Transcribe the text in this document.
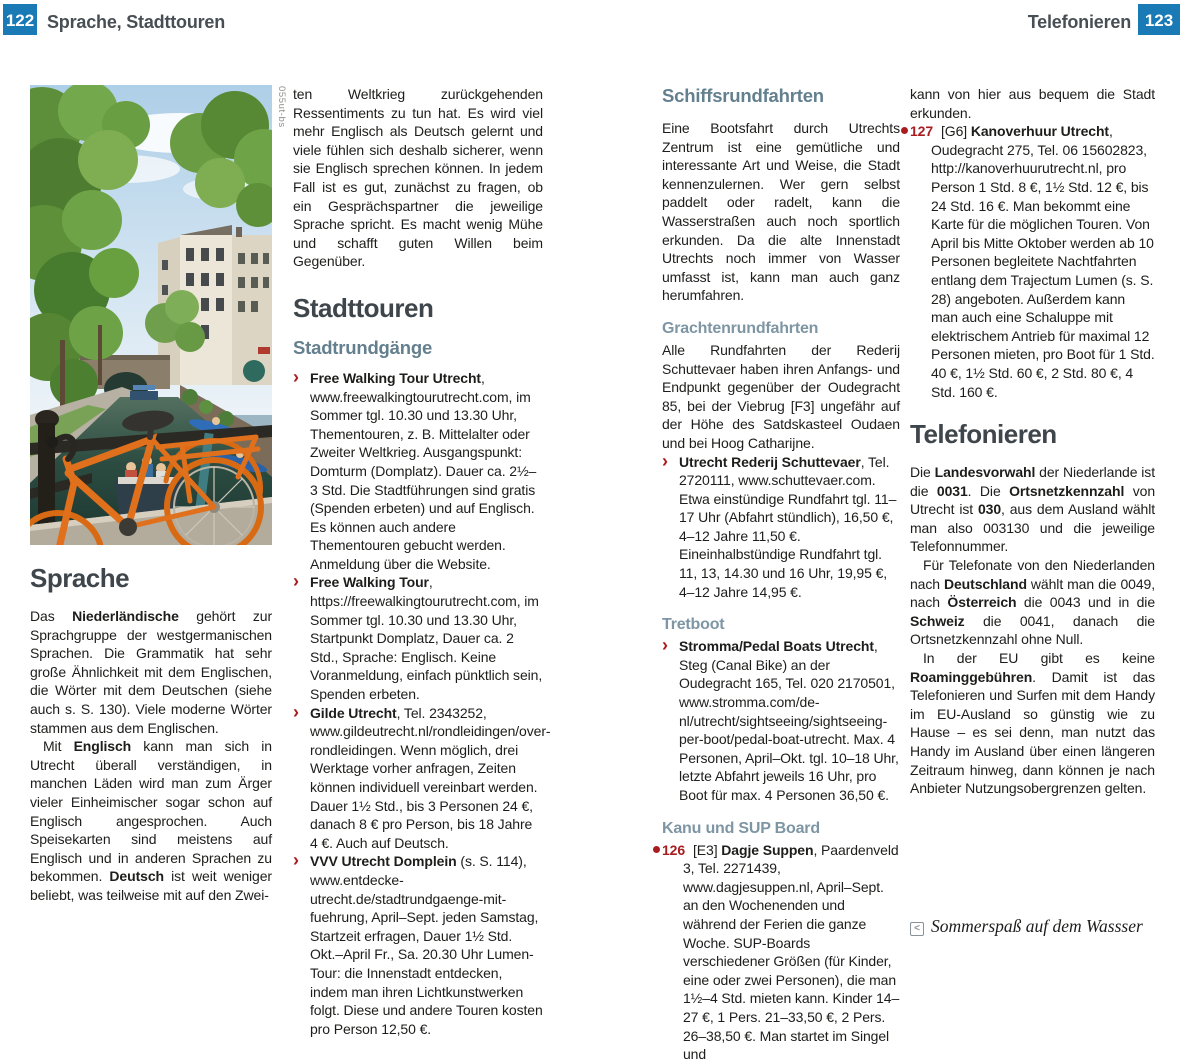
122 Sprache, Stadttouren	Telefonieren 123
Sprache

Das Niederländische gehört zur Sprachgruppe der westgermanischen Sprachen. Die Grammatik hat sehr große Ähnlichkeit mit dem Englischen, die Wörter mit dem Deutschen (siehe auch s. S. 130). Viele moderne Wörter stammen aus dem Englischen.

Mit Englisch kann man sich in Utrecht überall verständigen, in manchen Läden wird man zum Ärger vieler Einheimischer sogar schon auf Englisch angesprochen. Auch Speisekarten sind meistens auf Englisch und in anderen Sprachen zu bekommen. Deutsch ist weit weniger beliebt, was teilweise mit auf den Zwei-

055ut-bs ten Weltkrieg zurückgehenden Ressentiments zu tun hat. Es wird viel mehr Englisch als Deutsch gelernt und viele fühlen sich deshalb sicherer, wenn sie Englisch sprechen können. In jedem Fall ist es gut, zunächst zu fragen, ob ein Gesprächspartner die jeweilige Sprache spricht. Es macht wenig Mühe und schafft guten Willen beim Gegenüber.

Stadttouren
Stadtrundgänge
› Free Walking Tour Utrecht, www.freewalkingtourutrecht.com, im Sommer tgl. 10.30 und 13.30 Uhr, Thementouren, z. B. Mittelalter oder Zweiter Weltkrieg. Ausgangspunkt: Domturm (Domplatz). Dauer ca. 2½–3 Std. Die Stadtführungen sind gratis (Spenden erbeten) und auf Englisch. Es können auch andere Thementouren gebucht werden. Anmeldung über die Website.
› Free Walking Tour, https://freewalkingtourutrecht.com, im Sommer tgl. 10.30 und 13.30 Uhr, Startpunkt Domplatz, Dauer ca. 2 Std., Sprache: Englisch. Keine Voranmeldung, einfach pünktlich sein, Spenden erbeten.
› Gilde Utrecht, Tel. 2343252, www.gildeutrecht.nl/rondleidingen/over-rondleidingen. Wenn möglich, drei Werktage vorher anfragen, Zeiten können individuell vereinbart werden. Dauer 1½ Std., bis 3 Personen 24 €, danach 8 € pro Person, bis 18 Jahre 4 €. Auch auf Deutsch.
› VVV Utrecht Domplein (s. S. 114), www.entdecke-utrecht.de/stadtrundgaenge-mit-fuehrung, April–Sept. jeden Samstag, Startzeit erfragen, Dauer 1½ Std. Okt.–April Fr., Sa. 20.30 Uhr Lumen-Tour: die Innenstadt entdecken, indem man ihren Lichtkunstwerken folgt. Diese und andere Touren kosten pro Person 12,50 €.
Schiffsrundfahrten

Eine Bootsfahrt durch Utrechts Zentrum ist eine gemütliche und interessante Art und Weise, die Stadt kennenzulernen. Wer gern selbst paddelt oder radelt, kann die Wasserstraßen auch noch sportlich erkunden. Da die alte Innenstadt Utrechts noch immer von Wasser umfasst ist, kann man auch ganz herumfahren.

Grachtenrundfahrten

Alle Rundfahrten der Rederij Schuttevaer haben ihren Anfangs- und Endpunkt gegenüber der Oudegracht 85, bei der Viebrug [F3] ungefähr auf der Höhe des Satdskasteel Oudaen und bei Hoog Catharijne.

› Utrecht Rederij Schuttevaer, Tel. 2720111, www.schuttevaer.com. Etwa einstündige Rundfahrt tgl. 11–17 Uhr (Abfahrt stündlich), 16,50 €, 4–12 Jahre 11,50 €. Eineinhalbstündige Rundfahrt tgl. 11, 13, 14.30 und 16 Uhr, 19,95 €, 4–12 Jahre 14,95 €.
Tretboot
› Stromma/Pedal Boats Utrecht, Steg (Canal Bike) an der Oudegracht 165, Tel. 020 2170501, www.stromma.com/de-nl/utrecht/sightseeing/sightseeing-per-boot/pedal-boat-utrecht. Max. 4 Personen, April–Okt. tgl. 10–18 Uhr, letzte Abfahrt jeweils 16 Uhr, pro Boot für max. 4 Personen 36,50 €.
Kanu und SUP Board
126 [E3] Dagje Suppen, Paardenveld 3, Tel. 2271439, www.dagjesuppen.nl, April–Sept. an den Wochenenden und während der Ferien die ganze Woche. SUP-Boards verschiedener Größen (für Kinder, eine oder zwei Personen), die man 1½–4 Std. mieten kann. Kinder 14–27 €, 1 Pers. 21–33,50 €, 2 Pers. 26–38,50 €. Man startet im Singel und

kann von hier aus bequem die Stadt erkunden.

127 [G6] Kanoverhuur Utrecht, Oudegracht 275, Tel. 06 15602823, http://kanoverhuurutrecht.nl, pro Person 1 Std. 8 €, 1½ Std. 12 €, bis 24 Std. 16 €. Man bekommt eine Karte für die möglichen Touren. Von April bis Mitte Oktober werden ab 10 Personen begleitete Nachtfahrten entlang dem Trajectum Lumen (s. S. 28) angeboten. Außerdem kann man auch eine Schaluppe mit elektrischem Antrieb für maximal 12 Personen mieten, pro Boot für 1 Std. 40 €, 1½ Std. 60 €, 2 Std. 80 €, 4 Std. 160 €.
Telefonieren

Die Landesvorwahl der Niederlande ist die 0031. Die Ortsnetzkennzahl von Utrecht ist 030, aus dem Ausland wählt man also 003130 und die jeweilige Telefonnummer.

Für Telefonate von den Niederlanden nach Deutschland wählt man die 0049, nach Österreich die 0043 und in die Schweiz die 0041, danach die Ortsnetzkennzahl ohne Null.

In der EU gibt es keine Roaminggebühren. Damit ist das Telefonieren und Surfen mit dem Handy im EU-Ausland so günstig wie zu Hause – es sei denn, man nutzt das Handy im Ausland über einen längeren Zeitraum hinweg, dann können je nach Anbieter Nutzungsobergrenzen gelten.

< Sommerspaß auf dem Wassser
